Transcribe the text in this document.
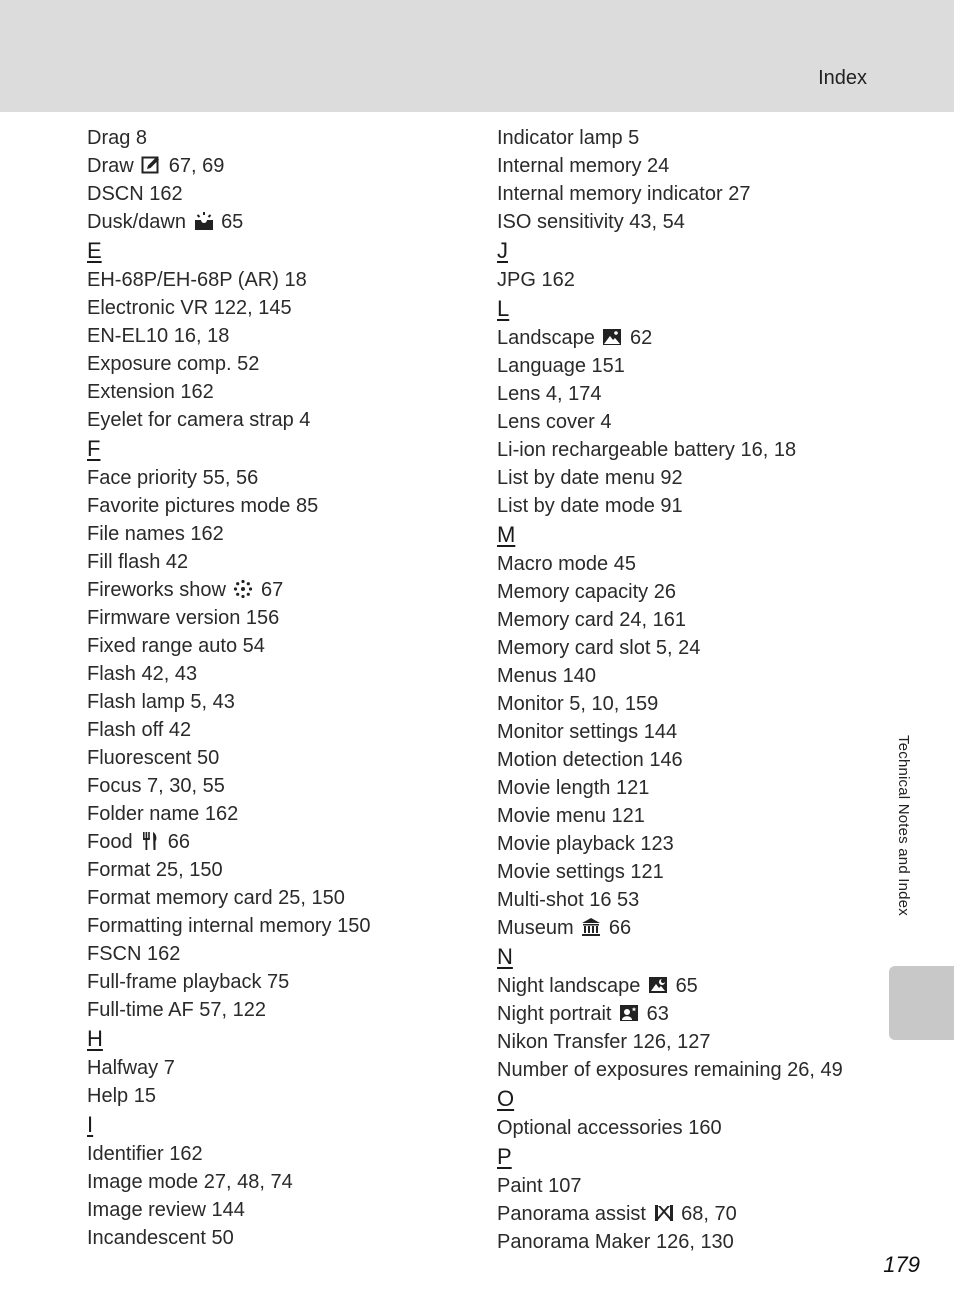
Index
Drag 8
Draw 67, 69
DSCN 162
Dusk/dawn 65
E
EH-68P/EH-68P (AR) 18
Electronic VR 122, 145
EN-EL10 16, 18
Exposure comp. 52
Extension 162
Eyelet for camera strap 4
F
Face priority 55, 56
Favorite pictures mode 85
File names 162
Fill flash 42
Fireworks show 67
Firmware version 156
Fixed range auto 54
Flash 42, 43
Flash lamp 5, 43
Flash off 42
Fluorescent 50
Focus 7, 30, 55
Folder name 162
Food 66
Format 25, 150
Format memory card 25, 150
Formatting internal memory 150
FSCN 162
Full-frame playback 75
Full-time AF 57, 122
H
Halfway 7
Help 15
I
Identifier 162
Image mode 27, 48, 74
Image review 144
Incandescent 50
Indicator lamp 5
Internal memory 24
Internal memory indicator 27
ISO sensitivity 43, 54
J
JPG 162
L
Landscape 62
Language 151
Lens 4, 174
Lens cover 4
Li-ion rechargeable battery 16, 18
List by date menu 92
List by date mode 91
M
Macro mode 45
Memory capacity 26
Memory card 24, 161
Memory card slot 5, 24
Menus 140
Monitor 5, 10, 159
Monitor settings 144
Motion detection 146
Movie length 121
Movie menu 121
Movie playback 123
Movie settings 121
Multi-shot 16 53
Museum 66
N
Night landscape 65
Night portrait 63
Nikon Transfer 126, 127
Number of exposures remaining 26, 49
O
Optional accessories 160
P
Paint 107
Panorama assist 68, 70
Panorama Maker 126, 130
Technical Notes and Index
179
